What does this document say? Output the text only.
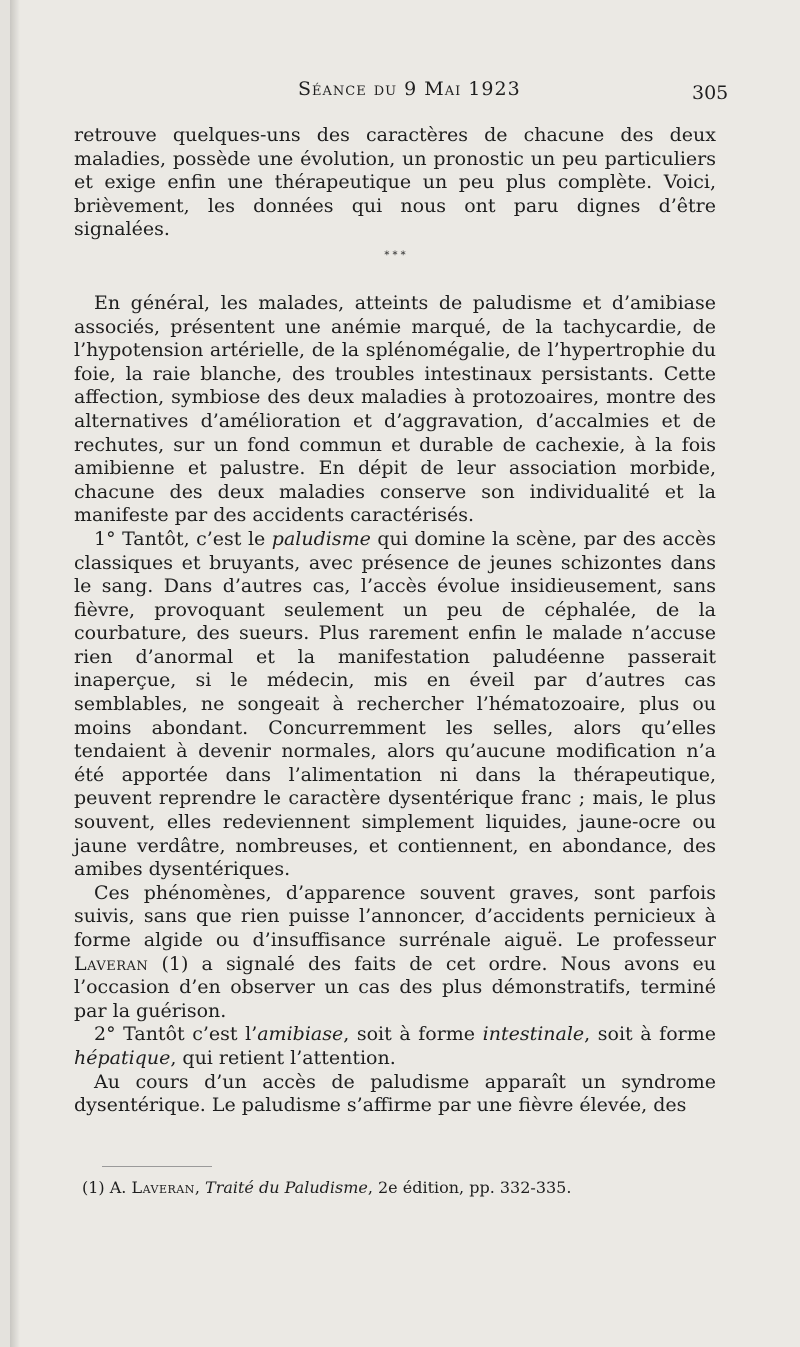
Séance du 9 Mai 1923	305

retrouve quelques-uns des caractères de chacune des deux maladies, possède une évolution, un pronostic un peu particuliers et exige enfin une thérapeutique un peu plus complète. Voici, brièvement, les données qui nous ont paru dignes d’être signalées.

* * *

En général, les malades, atteints de paludisme et d’amibiase associés, présentent une anémie marqué, de la tachycardie, de l’hypotension artérielle, de la splénomégalie, de l’hypertrophie du foie, la raie blanche, des troubles intestinaux persistants. Cette affection, symbiose des deux maladies à protozoaires, montre des alternatives d’amélioration et d’aggravation, d’accalmies et de rechutes, sur un fond commun et durable de cachexie, à la fois amibienne et palustre. En dépit de leur association morbide, chacune des deux maladies conserve son individualité et la manifeste par des accidents caractérisés.

1° Tantôt, c’est le paludisme qui domine la scène, par des accès classiques et bruyants, avec présence de jeunes schizontes dans le sang. Dans d’autres cas, l’accès évolue insidieusement, sans fièvre, provoquant seulement un peu de céphalée, de la courbature, des sueurs. Plus rarement enfin le malade n’accuse rien d’anormal et la manifestation paludéenne passerait inaperçue, si le médecin, mis en éveil par d’autres cas semblables, ne songeait à rechercher l’hématozoaire, plus ou moins abondant. Concurremment les selles, alors qu’elles tendaient à devenir normales, alors qu’aucune modification n’a été apportée dans l’alimentation ni dans la thérapeutique, peuvent reprendre le caractère dysentérique franc ; mais, le plus souvent, elles redeviennent simplement liquides, jaune-ocre ou jaune verdâtre, nombreuses, et contiennent, en abondance, des amibes dysentériques.

Ces phénomènes, d’apparence souvent graves, sont parfois suivis, sans que rien puisse l’annoncer, d’accidents pernicieux à forme algide ou d’insuffisance surrénale aiguë. Le professeur Laveran (1) a signalé des faits de cet ordre. Nous avons eu l’occasion d’en observer un cas des plus démonstratifs, terminé par la guérison.

2° Tantôt c’est l’amibiase, soit à forme intestinale, soit à forme hépatique, qui retient l’attention.

Au cours d’un accès de paludisme apparaît un syndrome dysentérique. Le paludisme s’affirme par une fièvre élevée, des

(1) A. Laveran, Traité du Paludisme, 2e édition, pp. 332-335.
